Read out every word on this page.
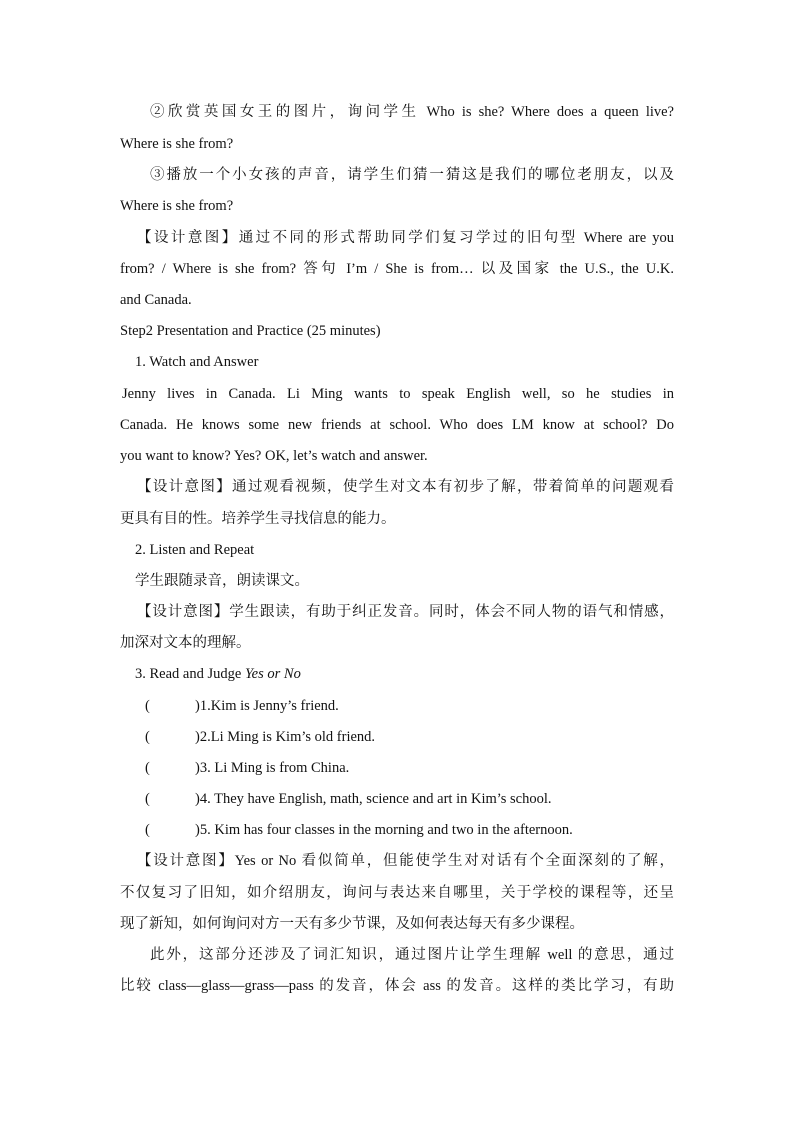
②欣赏英国女王的图片，询问学生 Who is she? Where does a queen live?
Where is she from?
③播放一个小女孩的声音，请学生们猜一猜这是我们的哪位老朋友，以及
Where is she from?
【设计意图】通过不同的形式帮助同学们复习学过的旧句型 Where are you
from? / Where is she from? 答句 I’m / She is from… 以及国家 the U.S., the U.K.
and Canada.
Step2 Presentation and Practice (25 minutes)
1. Watch and Answer
Jenny lives in Canada. Li Ming wants to speak English well, so he studies in
Canada. He knows some new friends at school. Who does LM know at school? Do
you want to know? Yes? OK, let’s watch and answer.
【设计意图】通过观看视频，使学生对文本有初步了解，带着简单的问题观看
更具有目的性。培养学生寻找信息的能力。
2. Listen and Repeat
学生跟随录音，朗读课文。
【设计意图】学生跟读，有助于纠正发音。同时，体会不同人物的语气和情感，
加深对文本的理解。
3. Read and Judge Yes or No
(	)1.Kim is Jenny’s friend.
(	)2.Li Ming is Kim’s old friend.
(	)3. Li Ming is from China.
(	)4. They have English, math, science and art in Kim’s school.
(	)5. Kim has four classes in the morning and two in the afternoon.
【设计意图】Yes or No 看似简单，但能使学生对对话有个全面深刻的了解，
不仅复习了旧知，如介绍朋友，询问与表达来自哪里，关于学校的课程等，还呈
现了新知，如何询问对方一天有多少节课，及如何表达每天有多少课程。
此外，这部分还涉及了词汇知识，通过图片让学生理解 well 的意思，通过
比较 class—glass—grass—pass 的发音，体会 ass 的发音。这样的类比学习，有助
